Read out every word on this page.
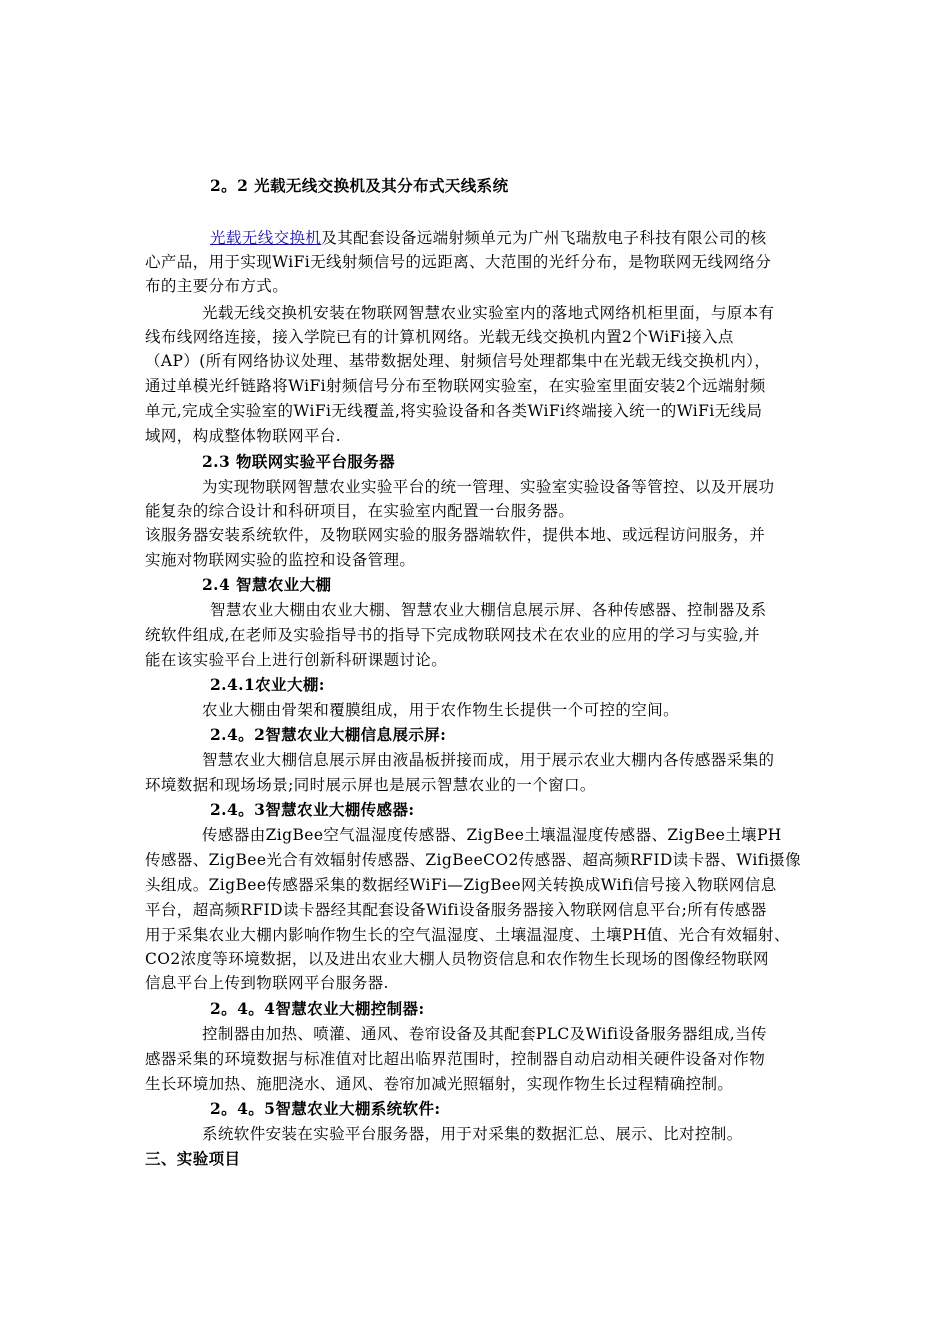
2。2 光载无线交换机及其分布式天线系统
光载无线交换机及其配套设备远端射频单元为广州飞瑞敖电子科技有限公司的核
心产品，用于实现WiFi无线射频信号的远距离、大范围的光纤分布，是物联网无线网络分
布的主要分布方式。
光载无线交换机安装在物联网智慧农业实验室内的落地式网络机柜里面，与原本有
线布线网络连接，接入学院已有的计算机网络。光载无线交换机内置2个WiFi接入点
（AP）(所有网络协议处理、基带数据处理、射频信号处理都集中在光载无线交换机内），
通过单模光纤链路将WiFi射频信号分布至物联网实验室，在实验室里面安装2个远端射频
单元,完成全实验室的WiFi无线覆盖,将实验设备和各类WiFi终端接入统一的WiFi无线局
域网，构成整体物联网平台.
2.3 物联网实验平台服务器
为实现物联网智慧农业实验平台的统一管理、实验室实验设备等管控、以及开展功
能复杂的综合设计和科研项目，在实验室内配置一台服务器。
该服务器安装系统软件，及物联网实验的服务器端软件，提供本地、或远程访问服务，并
实施对物联网实验的监控和设备管理。
2.4 智慧农业大棚
智慧农业大棚由农业大棚、智慧农业大棚信息展示屏、各种传感器、控制器及系
统软件组成,在老师及实验指导书的指导下完成物联网技术在农业的应用的学习与实验,并
能在该实验平台上进行创新科研课题讨论。
2.4.1农业大棚:
农业大棚由骨架和覆膜组成，用于农作物生长提供一个可控的空间。
2.4。2智慧农业大棚信息展示屏:
智慧农业大棚信息展示屏由液晶板拼接而成，用于展示农业大棚内各传感器采集的
环境数据和现场场景;同时展示屏也是展示智慧农业的一个窗口。
2.4。3智慧农业大棚传感器:
传感器由ZigBee空气温湿度传感器、ZigBee土壤温湿度传感器、ZigBee土壤PH
传感器、ZigBee光合有效辐射传感器、ZigBeeCO2传感器、超高频RFID读卡器、Wifi摄像
头组成。ZigBee传感器采集的数据经WiFi—ZigBee网关转换成Wifi信号接入物联网信息
平台，超高频RFID读卡器经其配套设备Wifi设备服务器接入物联网信息平台;所有传感器
用于采集农业大棚内影响作物生长的空气温湿度、土壤温湿度、土壤PH值、光合有效辐射、
CO2浓度等环境数据，以及进出农业大棚人员物资信息和农作物生长现场的图像经物联网
信息平台上传到物联网平台服务器.
2。4。4智慧农业大棚控制器:
控制器由加热、喷灌、通风、卷帘设备及其配套PLC及Wifi设备服务器组成,当传
感器采集的环境数据与标准值对比超出临界范围时，控制器自动启动相关硬件设备对作物
生长环境加热、施肥浇水、通风、卷帘加减光照辐射，实现作物生长过程精确控制。
2。4。5智慧农业大棚系统软件:
系统软件安装在实验平台服务器，用于对采集的数据汇总、展示、比对控制。
三、实验项目
